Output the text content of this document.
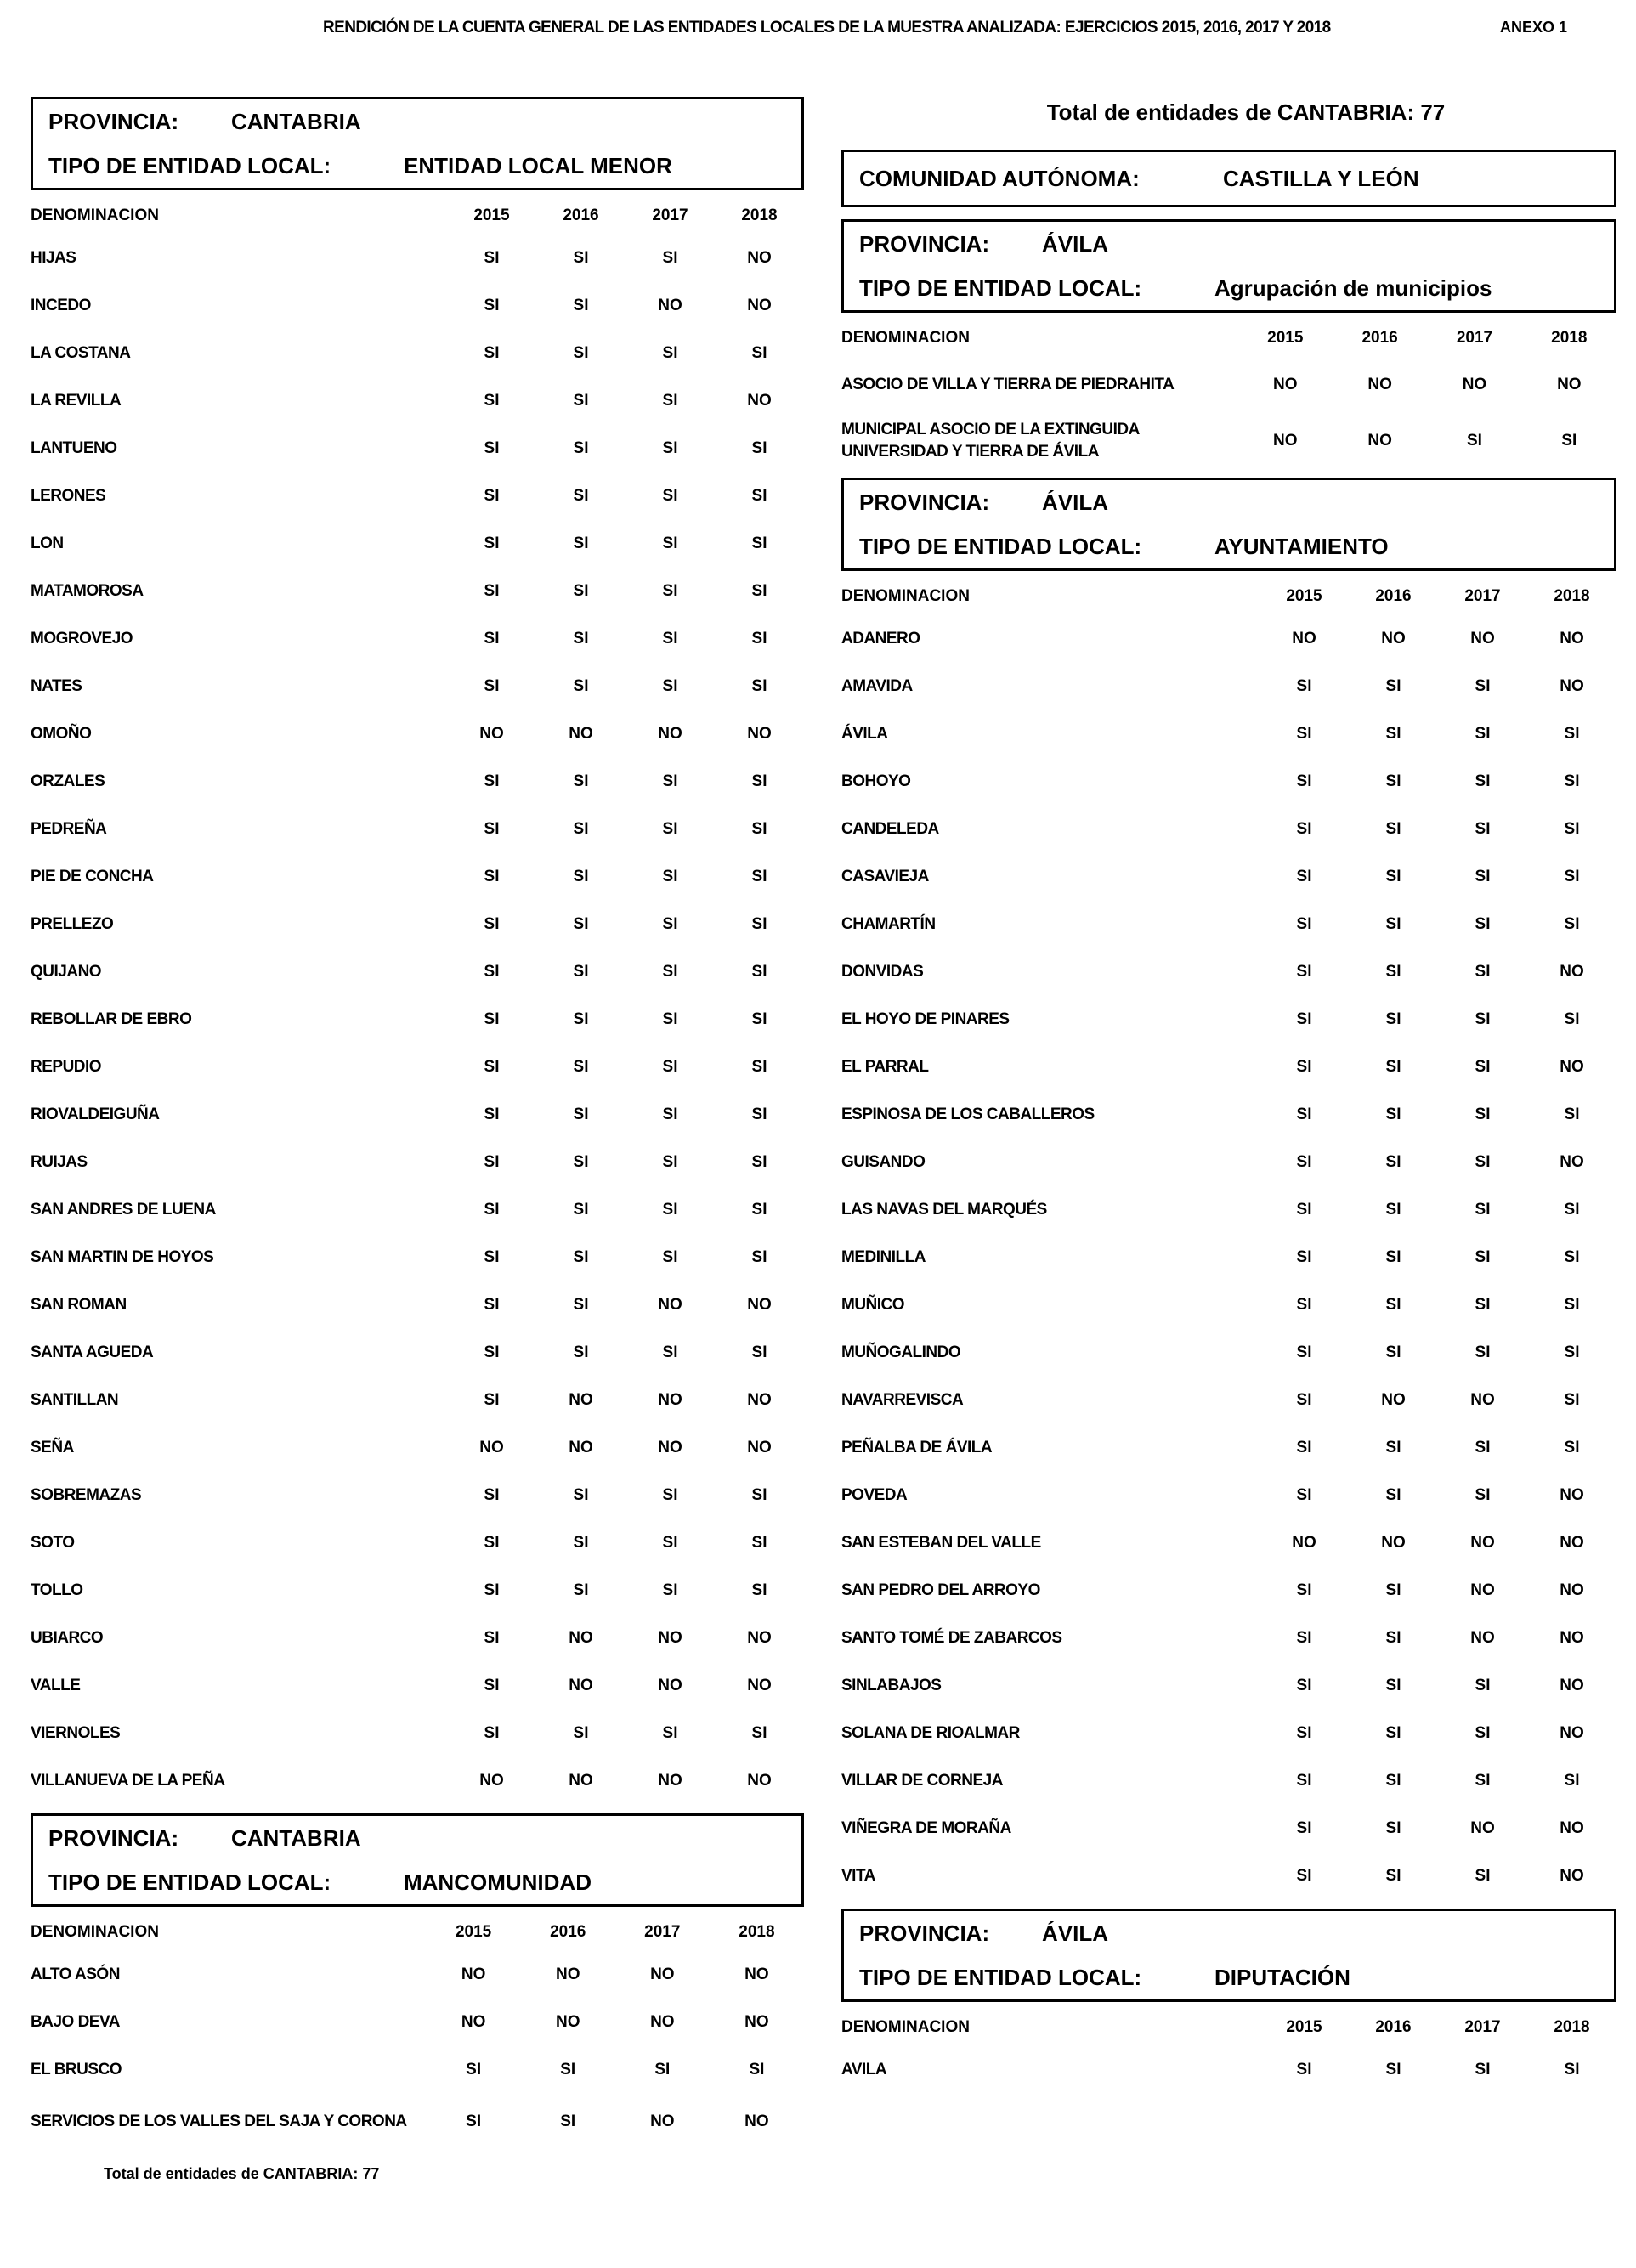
RENDICIÓN DE LA CUENTA GENERAL DE LAS ENTIDADES LOCALES DE LA MUESTRA ANALIZADA: EJERCICIOS 2015, 2016, 2017 Y 2018	ANEXO 1
PROVINCIA:	CANTABRIA
TIPO DE ENTIDAD LOCAL:	ENTIDAD LOCAL MENOR
DENOMINACION	2015	2016	2017	2018
HIJAS	SI	SI	SI	NO
INCEDO	SI	SI	NO	NO
LA COSTANA	SI	SI	SI	SI
LA REVILLA	SI	SI	SI	NO
LANTUENO	SI	SI	SI	SI
LERONES	SI	SI	SI	SI
LON	SI	SI	SI	SI
MATAMOROSA	SI	SI	SI	SI
MOGROVEJO	SI	SI	SI	SI
NATES	SI	SI	SI	SI
OMOÑO	NO	NO	NO	NO
ORZALES	SI	SI	SI	SI
PEDREÑA	SI	SI	SI	SI
PIE DE CONCHA	SI	SI	SI	SI
PRELLEZO	SI	SI	SI	SI
QUIJANO	SI	SI	SI	SI
REBOLLAR DE EBRO	SI	SI	SI	SI
REPUDIO	SI	SI	SI	SI
RIOVALDEIGUÑA	SI	SI	SI	SI
RUIJAS	SI	SI	SI	SI
SAN ANDRES DE LUENA	SI	SI	SI	SI
SAN MARTIN DE HOYOS	SI	SI	SI	SI
SAN ROMAN	SI	SI	NO	NO
SANTA AGUEDA	SI	SI	SI	SI
SANTILLAN	SI	NO	NO	NO
SEÑA	NO	NO	NO	NO
SOBREMAZAS	SI	SI	SI	SI
SOTO	SI	SI	SI	SI
TOLLO	SI	SI	SI	SI
UBIARCO	SI	NO	NO	NO
VALLE	SI	NO	NO	NO
VIERNOLES	SI	SI	SI	SI
VILLANUEVA DE LA PEÑA	NO	NO	NO	NO
PROVINCIA:	CANTABRIA
TIPO DE ENTIDAD LOCAL:	MANCOMUNIDAD
DENOMINACION	2015	2016	2017	2018
ALTO ASÓN	NO	NO	NO	NO
BAJO DEVA	NO	NO	NO	NO
EL BRUSCO	SI	SI	SI	SI
SERVICIOS DE LOS VALLES DEL SAJA Y CORONA	SI	SI	NO	NO
Total de entidades de CANTABRIA: 77
Total de entidades de CANTABRIA: 77
COMUNIDAD AUTÓNOMA:	CASTILLA Y LEÓN
PROVINCIA:	ÁVILA
TIPO DE ENTIDAD LOCAL:	Agrupación de municipios
DENOMINACION	2015	2016	2017	2018
ASOCIO DE VILLA Y TIERRA DE PIEDRAHITA	NO	NO	NO	NO
MUNICIPAL ASOCIO DE LA EXTINGUIDA UNIVERSIDAD Y TIERRA DE ÁVILA	NO	NO	SI	SI
PROVINCIA:	ÁVILA
TIPO DE ENTIDAD LOCAL:	AYUNTAMIENTO
DENOMINACION	2015	2016	2017	2018
ADANERO	NO	NO	NO	NO
AMAVIDA	SI	SI	SI	NO
ÁVILA	SI	SI	SI	SI
BOHOYO	SI	SI	SI	SI
CANDELEDA	SI	SI	SI	SI
CASAVIEJA	SI	SI	SI	SI
CHAMARTÍN	SI	SI	SI	SI
DONVIDAS	SI	SI	SI	NO
EL HOYO DE PINARES	SI	SI	SI	SI
EL PARRAL	SI	SI	SI	NO
ESPINOSA DE LOS CABALLEROS	SI	SI	SI	SI
GUISANDO	SI	SI	SI	NO
LAS NAVAS DEL MARQUÉS	SI	SI	SI	SI
MEDINILLA	SI	SI	SI	SI
MUÑICO	SI	SI	SI	SI
MUÑOGALINDO	SI	SI	SI	SI
NAVARREVISCA	SI	NO	NO	SI
PEÑALBA DE ÁVILA	SI	SI	SI	SI
POVEDA	SI	SI	SI	NO
SAN ESTEBAN DEL VALLE	NO	NO	NO	NO
SAN PEDRO DEL ARROYO	SI	SI	NO	NO
SANTO TOMÉ DE ZABARCOS	SI	SI	NO	NO
SINLABAJOS	SI	SI	SI	NO
SOLANA DE RIOALMAR	SI	SI	SI	NO
VILLAR DE CORNEJA	SI	SI	SI	SI
VIÑEGRA DE MORAÑA	SI	SI	NO	NO
VITA	SI	SI	SI	NO
PROVINCIA:	ÁVILA
TIPO DE ENTIDAD LOCAL:	DIPUTACIÓN
DENOMINACION	2015	2016	2017	2018
AVILA	SI	SI	SI	SI
